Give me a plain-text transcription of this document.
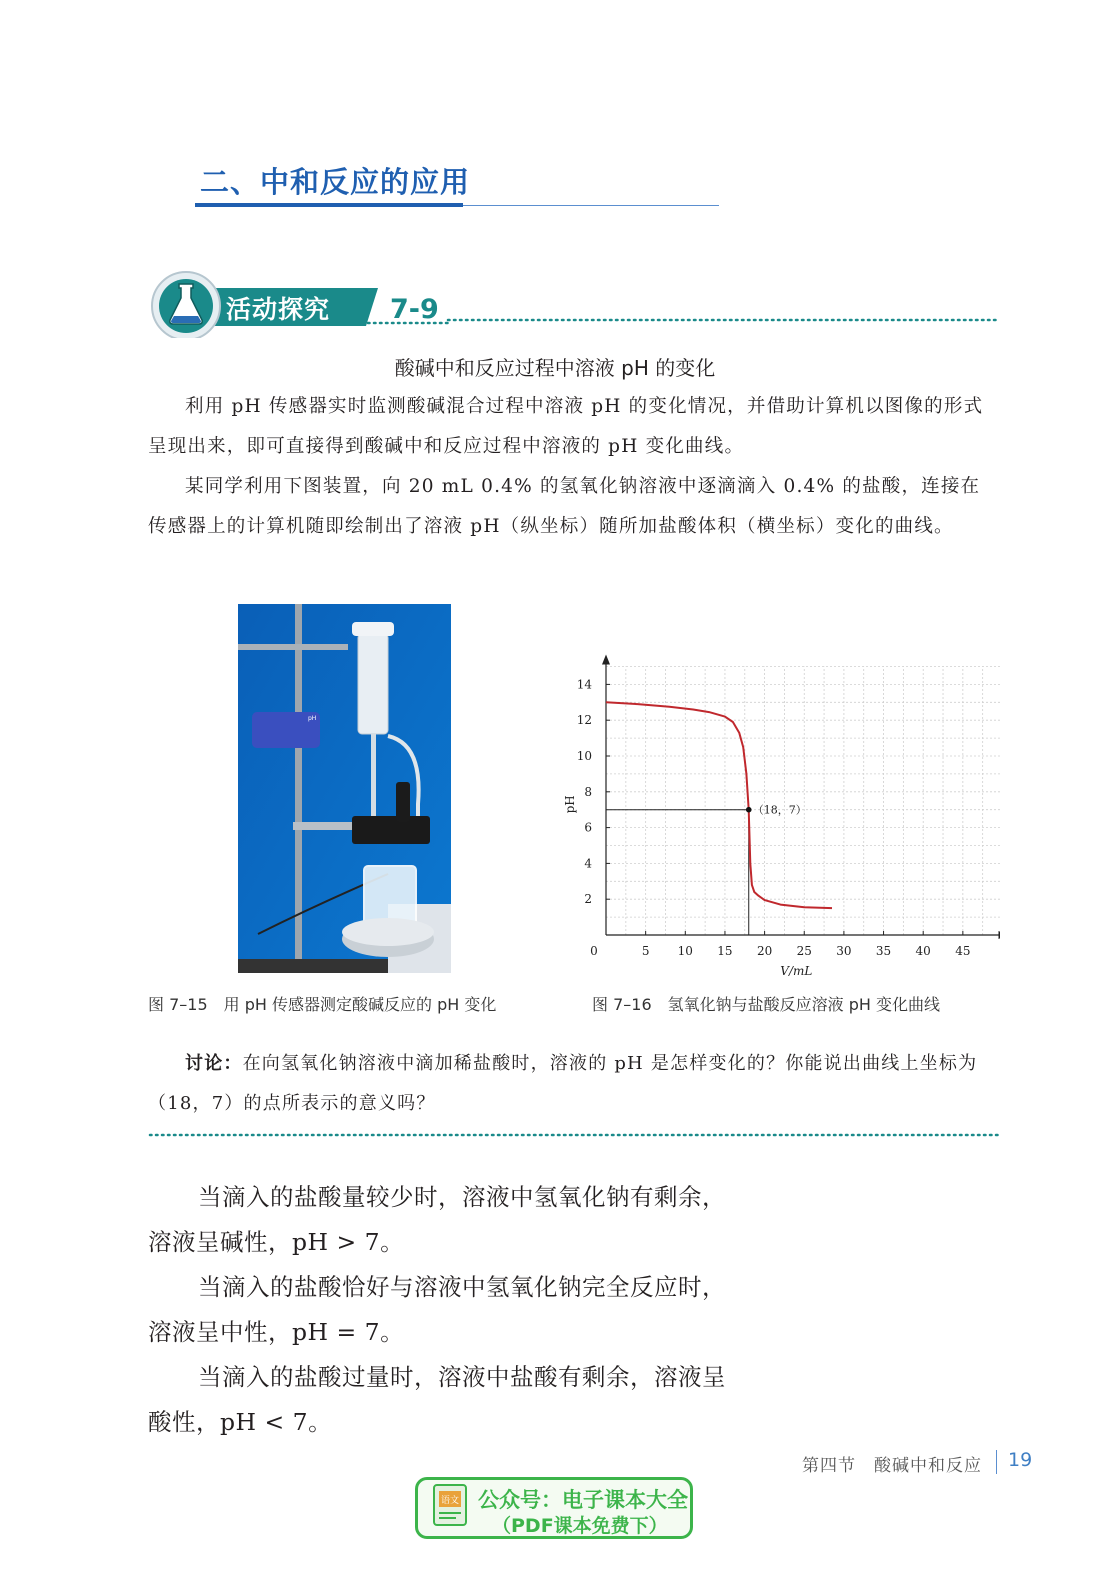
二、中和反应的应用
活动探究 7-9
酸碱中和反应过程中溶液 pH 的变化

利用 pH 传感器实时监测酸碱混合过程中溶液 pH 的变化情况，并借助计算机以图像的形式呈现出来，即可直接得到酸碱中和反应过程中溶液的 pH 变化曲线。

某同学利用下图装置，向 20 mL 0.4% 的氢氧化钠溶液中逐滴滴入 0.4% 的盐酸，连接在传感器上的计算机随即绘制出了溶液 pH（纵坐标）随所加盐酸体积（横坐标）变化的曲线。

pH
0	5 10 15 20 25 30 35 40 45
2
4
6
8
10
12
14
V/mL
pH	（18，7）
图 7–15　用 pH 传感器测定酸碱反应的 pH 变化	图 7–16　氢氧化钠与盐酸反应溶液 pH 变化曲线
讨论：在向氢氧化钠溶液中滴加稀盐酸时，溶液的 pH 是怎样变化的？你能说出曲线上坐标为（18，7）的点所表示的意义吗？

当滴入的盐酸量较少时，溶液中氢氧化钠有剩余，溶液呈碱性，pH > 7。

当滴入的盐酸恰好与溶液中氢氧化钠完全反应时，溶液呈中性，pH = 7。

当滴入的盐酸过量时，溶液中盐酸有剩余，溶液呈酸性，pH < 7。

第四节　酸碱中和反应 19
语文 公众号：电子课本大全
（PDF课本免费下）
